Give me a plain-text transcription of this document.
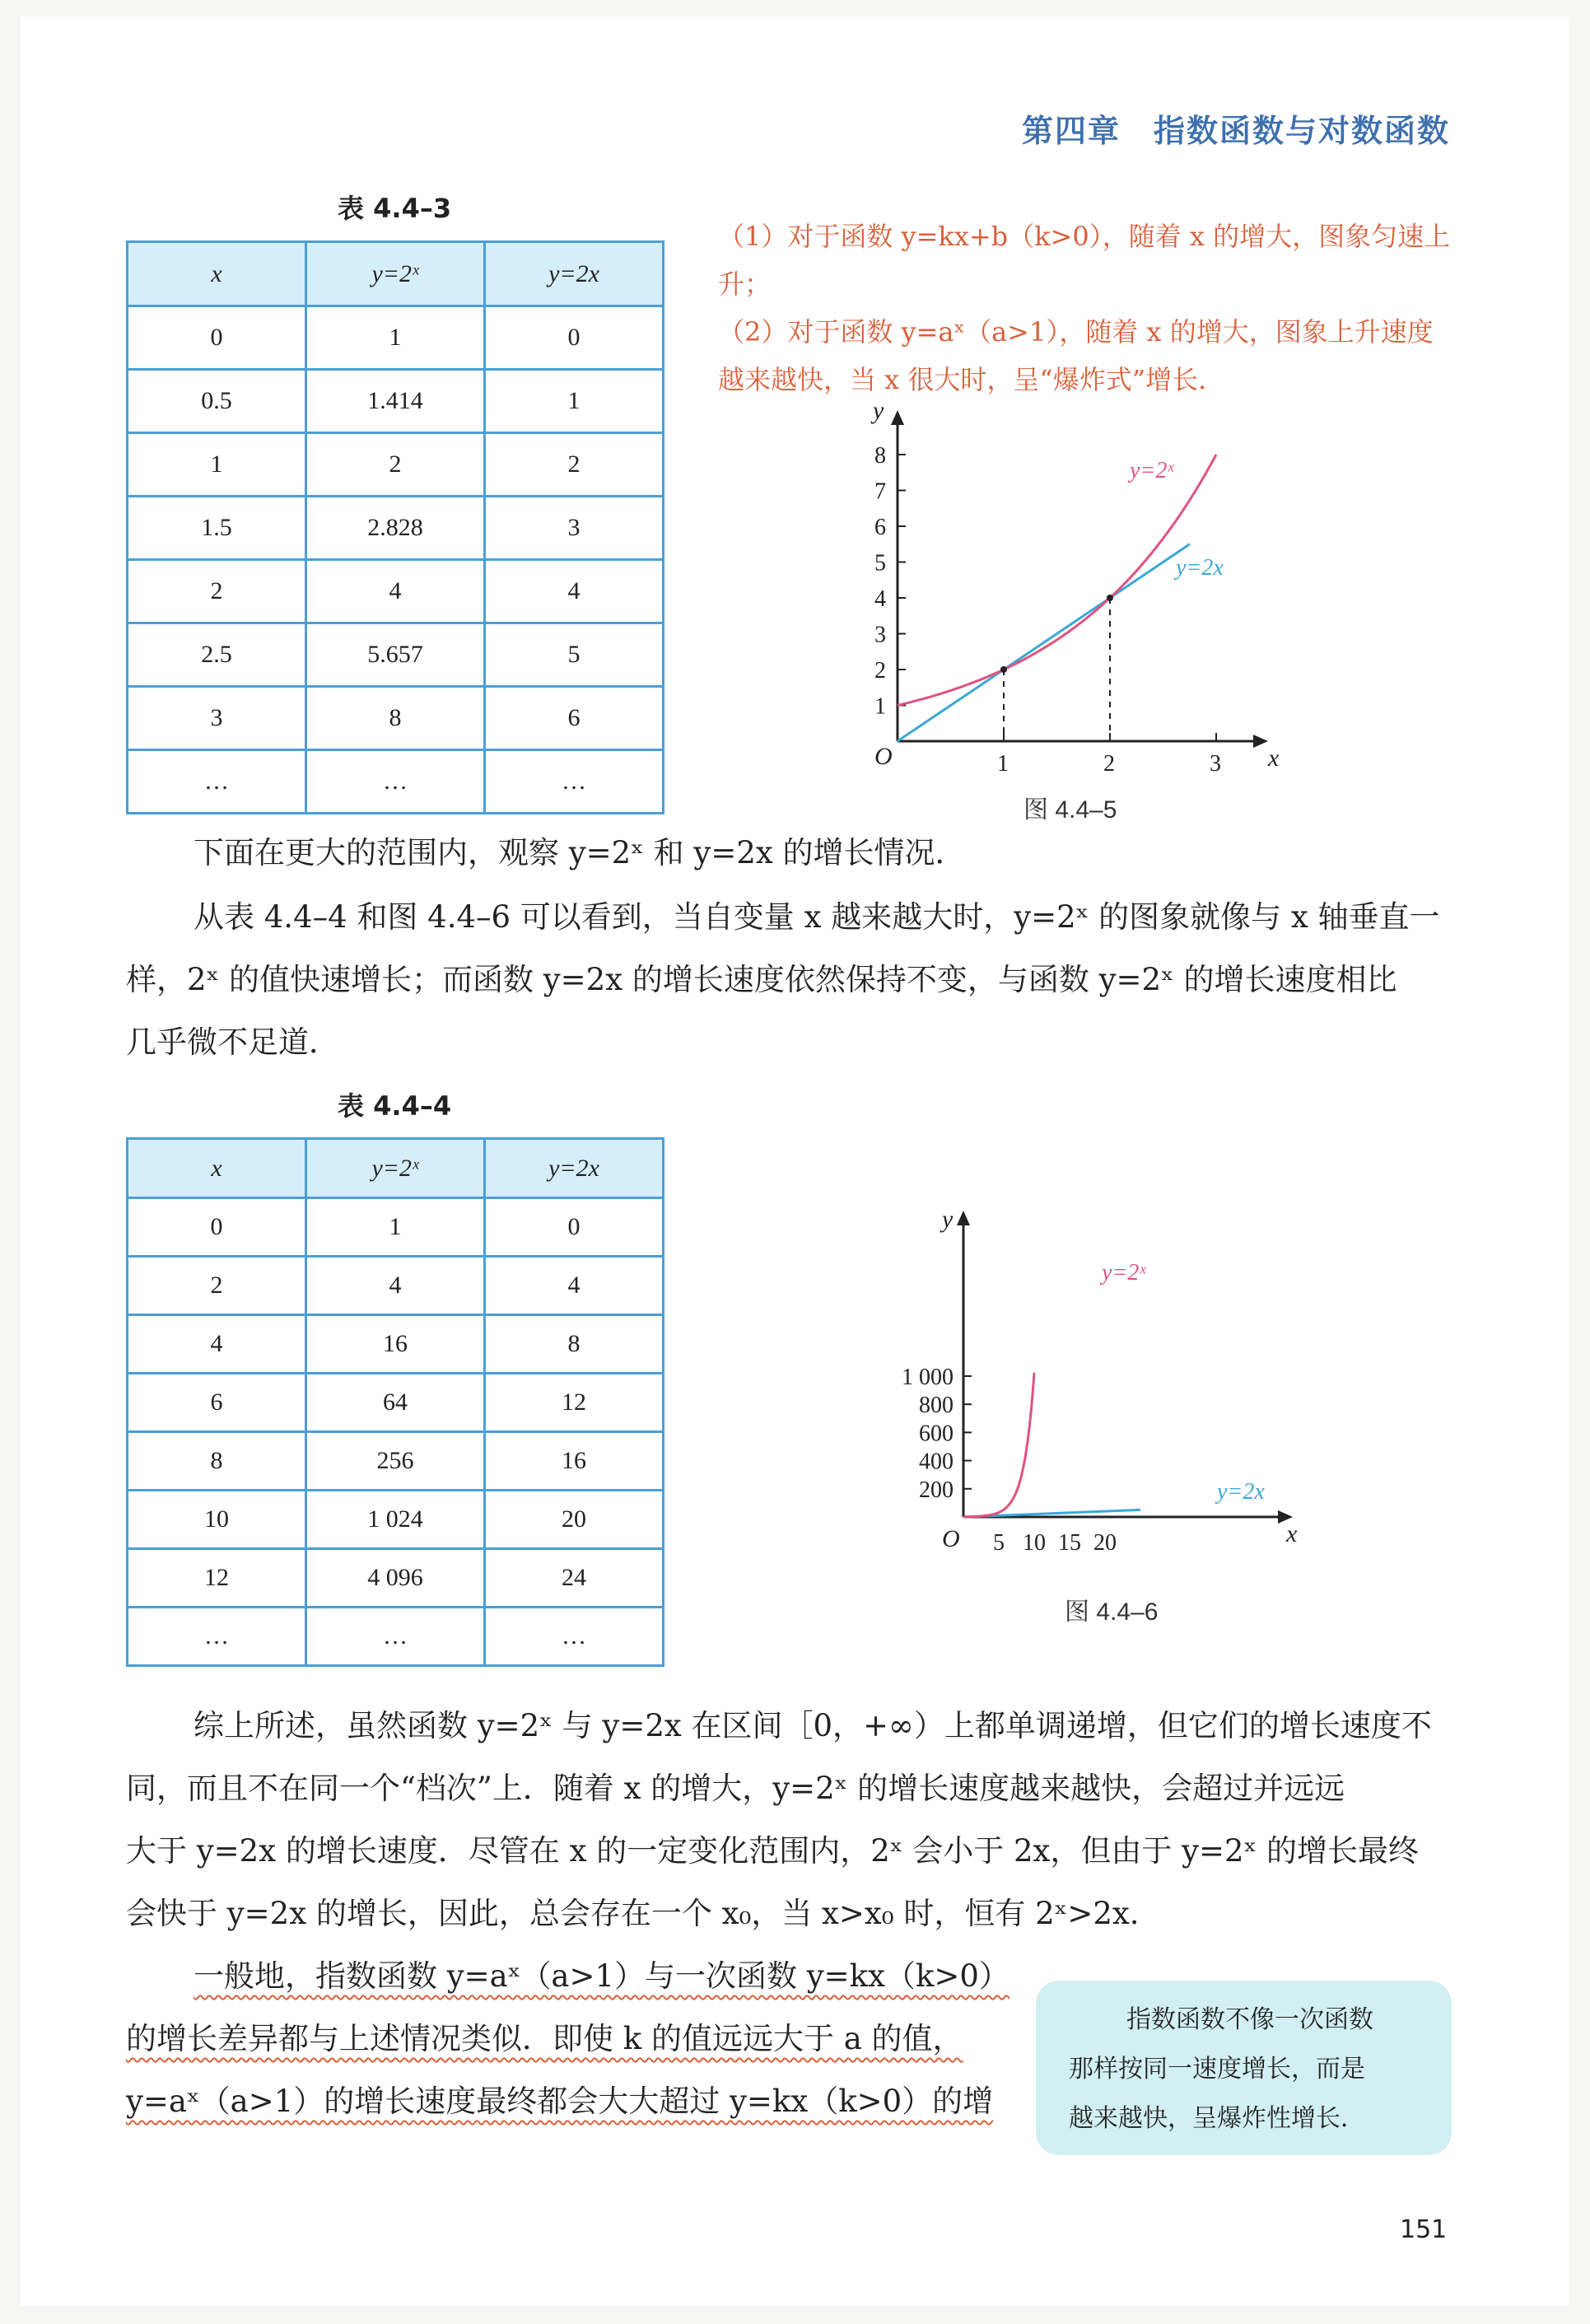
第四章 指数函数与对数函数
表 4.4–3
x	y=2ˣ	y=2x
0	1	0
0.5	1.414	1
1	2	2
1.5	2.828	3
2	4	4
2.5	5.657	5
3	8	6
…	…	…
（1）对于函数 y=kx+b（k>0），随着 x 的增大，图象匀速上升；
（2）对于函数 y=aˣ（a>1），随着 x 的增大，图象上升速度
越来越快，当 x 很大时，呈“爆炸式”增长．
1
2
3
4
5
6
7
8
1	2	3
O	x
y
y=2ˣ
y=2x
图 4.4–5
下面在更大的范围内，观察 y=2ˣ 和 y=2x 的增长情况．
从表 4.4–4 和图 4.4–6 可以看到，当自变量 x 越来越大时，y=2ˣ 的图象就像与 x 轴垂直一
样，2ˣ 的值快速增长；而函数 y=2x 的增长速度依然保持不变，与函数 y=2ˣ 的增长速度相比
几乎微不足道．
表 4.4–4
x	y=2ˣ	y=2x
0	1	0
2	4	4
4	16	8
6	64	12
8	256	16
10	1 024	20
12	4 096	24
…	…	…
200
400
600
800
1 000
5 10 15 20
O	x
y
y=2ˣ
y=2x
图 4.4–6
综上所述，虽然函数 y=2ˣ 与 y=2x 在区间［0，+∞）上都单调递增，但它们的增长速度不
同，而且不在同一个“档次”上．随着 x 的增大，y=2ˣ 的增长速度越来越快，会超过并远远
大于 y=2x 的增长速度．尽管在 x 的一定变化范围内，2ˣ 会小于 2x，但由于 y=2ˣ 的增长最终
会快于 y=2x 的增长，因此，总会存在一个 x₀，当 x>x₀ 时，恒有 2ˣ>2x.
一般地，指数函数 y=aˣ（a>1）与一次函数 y=kx（k>0）
的增长差异都与上述情况类似．即使 k 的值远远大于 a 的值，
y=aˣ（a>1）的增长速度最终都会大大超过 y=kx（k>0）的增
指数函数不像一次函数
那样按同一速度增长，而是
越来越快，呈爆炸性增长．
151
